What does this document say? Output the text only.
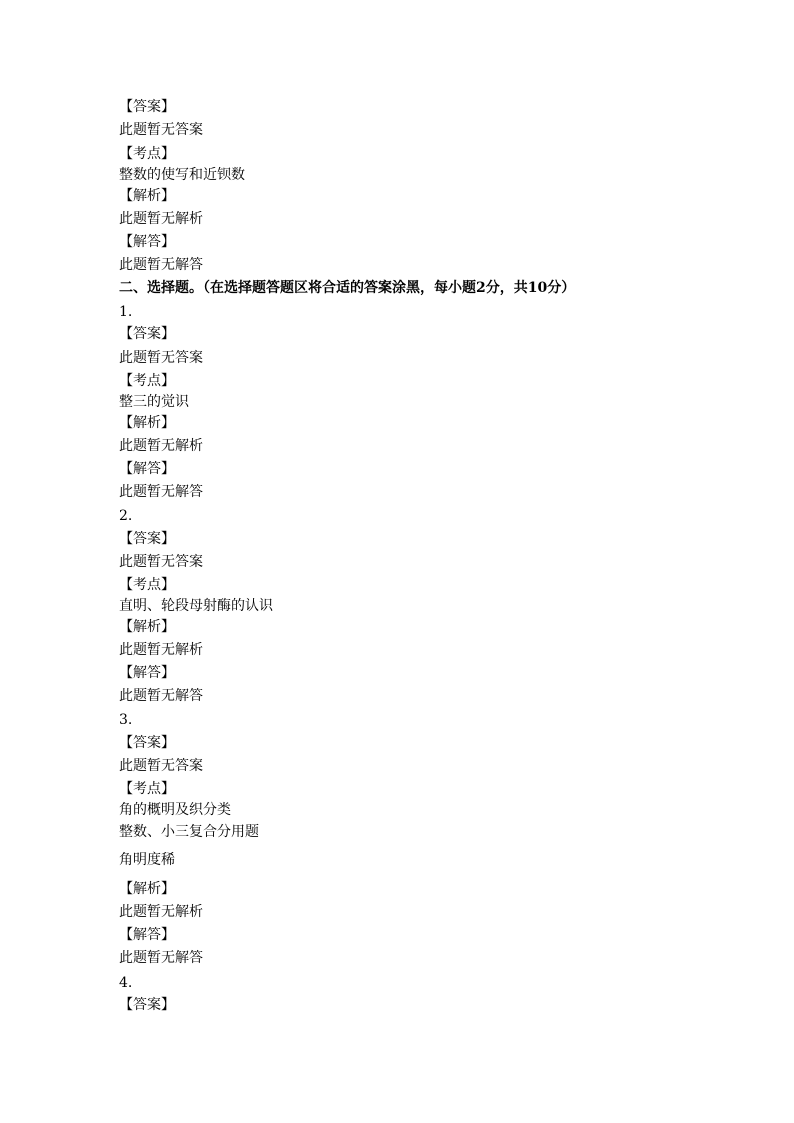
【答案】
此题暂无答案
【考点】
整数的使写和近钡数
【解析】
此题暂无解析
【解答】
此题暂无解答
二、选择题。（在选择题答题区将合适的答案涂黑，每小题2分，共10分）
1.
【答案】
此题暂无答案
【考点】
整三的觉识
【解析】
此题暂无解析
【解答】
此题暂无解答
2.
【答案】
此题暂无答案
【考点】
直明、轮段母射酶的认识
【解析】
此题暂无解析
【解答】
此题暂无解答
3.
【答案】
此题暂无答案
【考点】
角的概明及织分类
整数、小三复合分用题
角明度稀
【解析】
此题暂无解析
【解答】
此题暂无解答
4.
【答案】
